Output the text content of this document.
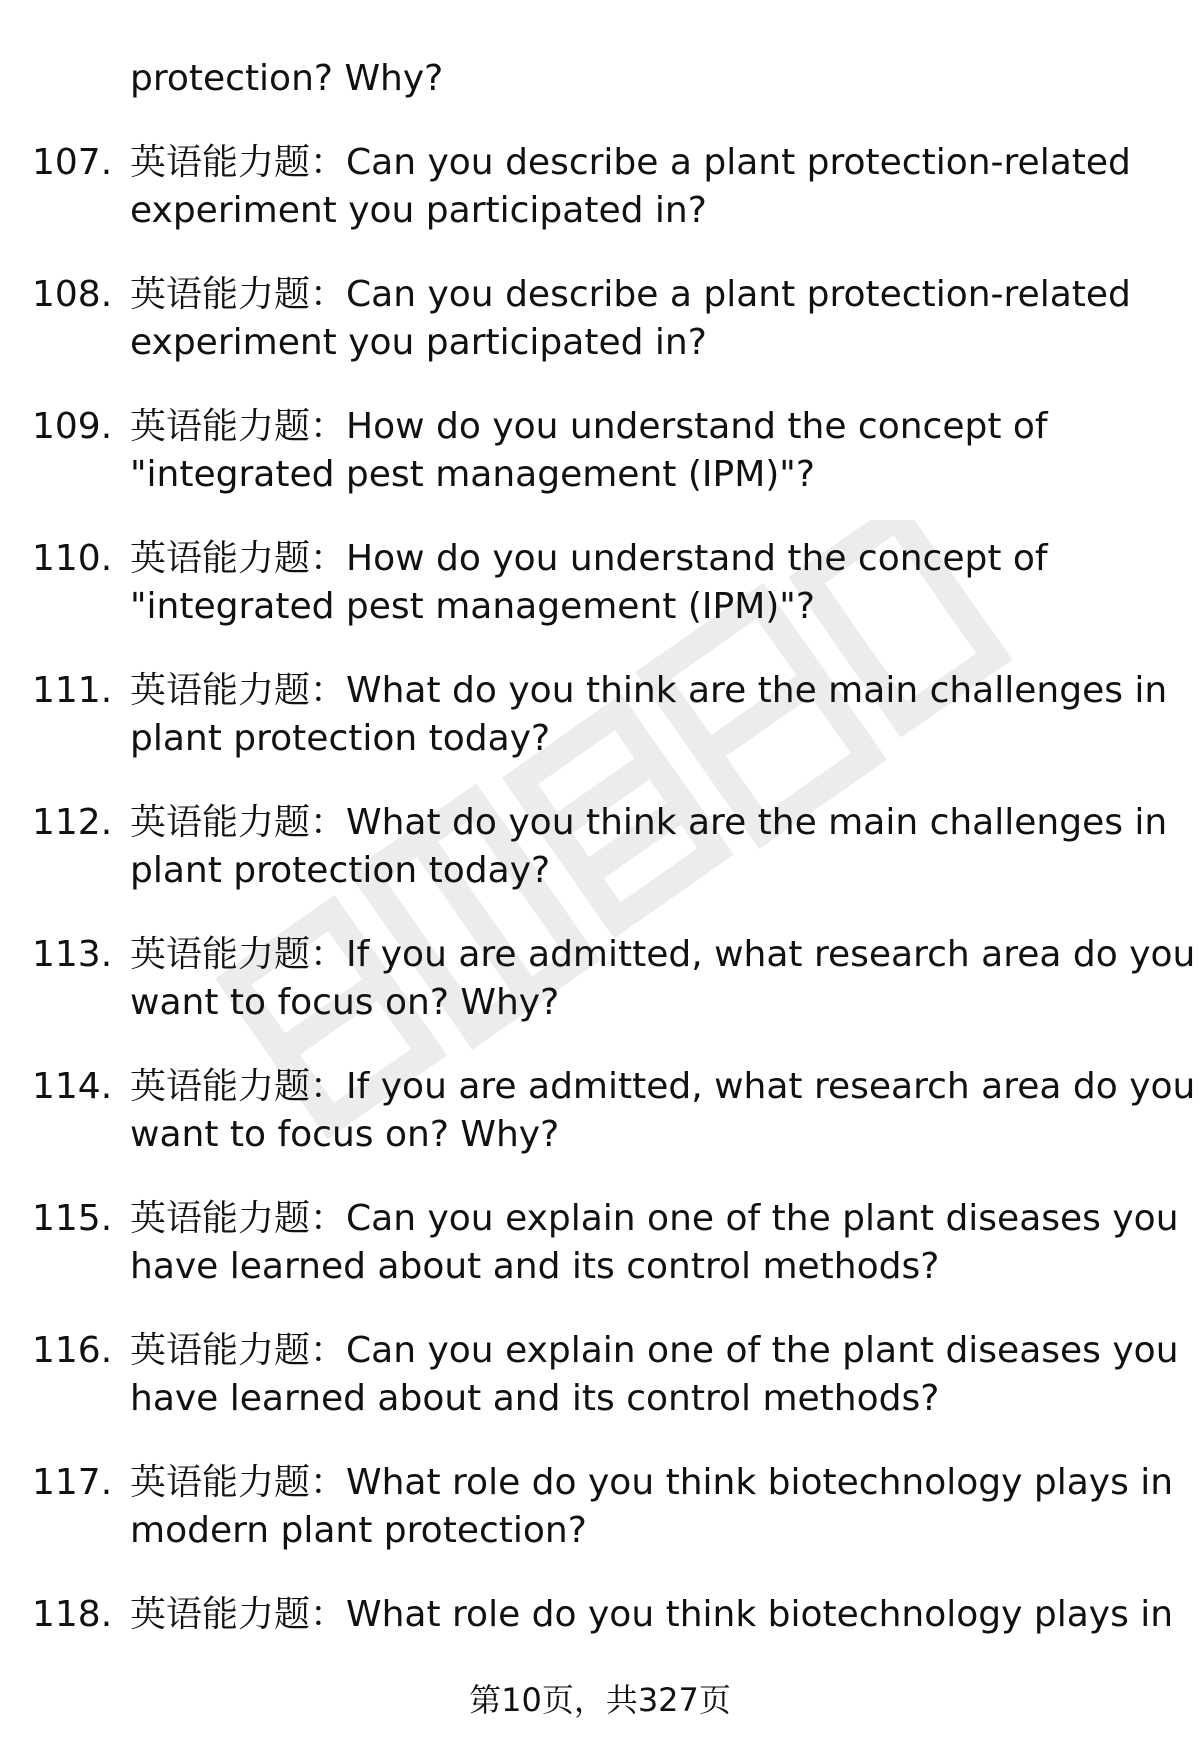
protection? Why?
107. 英语能力题：Can you describe a plant protection-related
experiment you participated in?
108. 英语能力题：Can you describe a plant protection-related
experiment you participated in?
109. 英语能力题：How do you understand the concept of
"integrated pest management (IPM)"?
110. 英语能力题：How do you understand the concept of
"integrated pest management (IPM)"?
111. 英语能力题：What do you think are the main challenges in
plant protection today?
112. 英语能力题：What do you think are the main challenges in
plant protection today?
113. 英语能力题：If you are admitted, what research area do you
want to focus on? Why?
114. 英语能力题：If you are admitted, what research area do you
want to focus on? Why?
115. 英语能力题：Can you explain one of the plant diseases you
have learned about and its control methods?
116. 英语能力题：Can you explain one of the plant diseases you
have learned about and its control methods?
117. 英语能力题：What role do you think biotechnology plays in
modern plant protection?
118. 英语能力题：What role do you think biotechnology plays in
第10页，共327页
